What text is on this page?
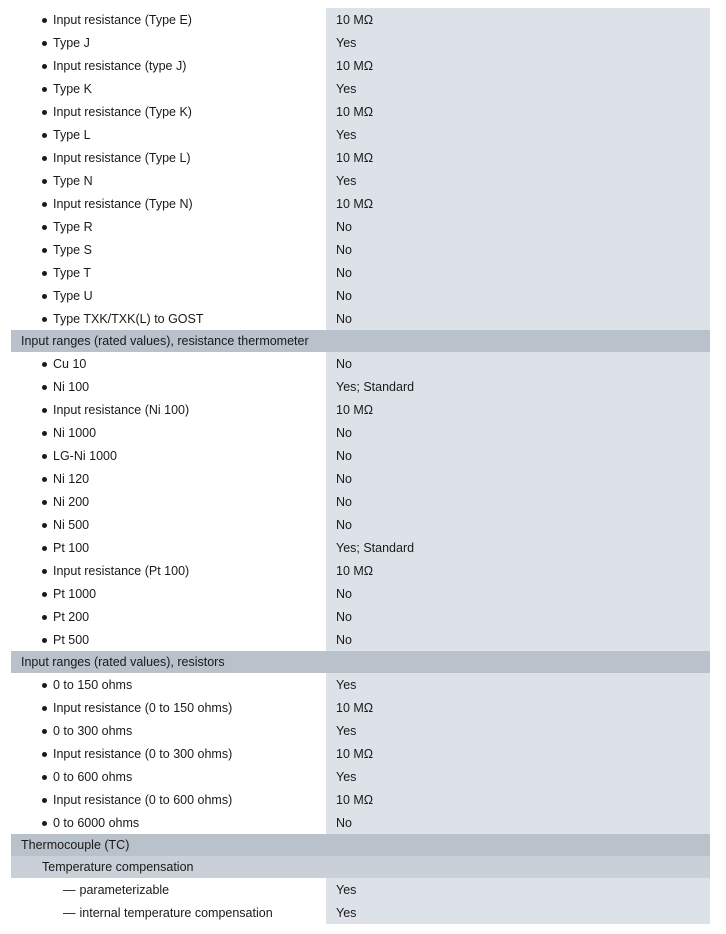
Input resistance (Type E)	10 MΩ
Type J	Yes
Input resistance (type J)	10 MΩ
Type K	Yes
Input resistance (Type K)	10 MΩ
Type L	Yes
Input resistance (Type L)	10 MΩ
Type N	Yes
Input resistance (Type N)	10 MΩ
Type R	No
Type S	No
Type T	No
Type U	No
Type TXK/TXK(L) to GOST	No
Input ranges (rated values), resistance thermometer
Cu 10	No
Ni 100	Yes; Standard
Input resistance (Ni 100)	10 MΩ
Ni 1000	No
LG-Ni 1000	No
Ni 120	No
Ni 200	No
Ni 500	No
Pt 100	Yes; Standard
Input resistance (Pt 100)	10 MΩ
Pt 1000	No
Pt 200	No
Pt 500	No
Input ranges (rated values), resistors
0 to 150 ohms	Yes
Input resistance (0 to 150 ohms)	10 MΩ
0 to 300 ohms	Yes
Input resistance (0 to 300 ohms)	10 MΩ
0 to 600 ohms	Yes
Input resistance (0 to 600 ohms)	10 MΩ
0 to 6000 ohms	No
Thermocouple (TC)
Temperature compensation
— parameterizable	Yes
— internal temperature compensation	Yes
